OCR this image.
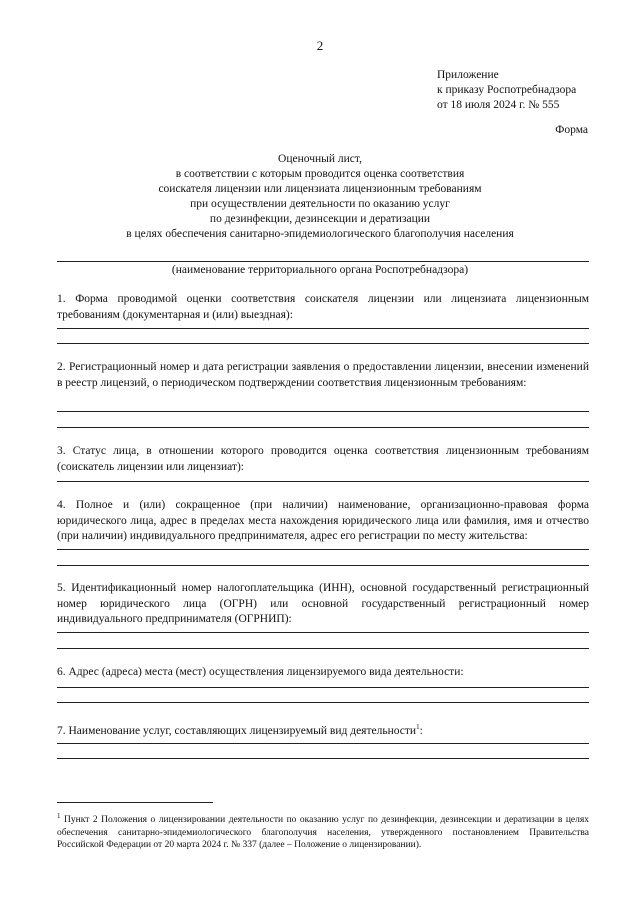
2
Приложение
к приказу Роспотребнадзора
от 18 июля 2024 г. № 555
Форма
Оценочный лист,
в соответствии с которым проводится оценка соответствия
соискателя лицензии или лицензиата лицензионным требованиям
при осуществлении деятельности по оказанию услуг
по дезинфекции, дезинсекции и дератизации
в целях обеспечения санитарно-эпидемиологического благополучия населения
(наименование территориального органа Роспотребнадзора)
1. Форма проводимой оценки соответствия соискателя лицензии или лицензиата лицензионным требованиям (документарная и (или) выездная):
2. Регистрационный номер и дата регистрации заявления о предоставлении лицензии, внесении изменений в реестр лицензий, о периодическом подтверждении соответствия лицензионным требованиям:
3. Статус лица, в отношении которого проводится оценка соответствия лицензионным требованиям (соискатель лицензии или лицензиат):
4. Полное и (или) сокращенное (при наличии) наименование, организационно-правовая форма юридического лица, адрес в пределах места нахождения юридического лица или фамилия, имя и отчество (при наличии) индивидуального предпринимателя, адрес его регистрации по месту жительства:
5. Идентификационный номер налогоплательщика (ИНН), основной государственный регистрационный номер юридического лица (ОГРН) или основной государственный регистрационный номер индивидуального предпринимателя (ОГРНИП):
6. Адрес (адреса) места (мест) осуществления лицензируемого вида деятельности:
7. Наименование услуг, составляющих лицензируемый вид деятельности$^1$:
$^1$ Пункт 2 Положения о лицензировании деятельности по оказанию услуг по дезинфекции, дезинсекции и дератизации в целях обеспечения санитарно-эпидемиологического благополучия населения, утвержденного постановлением Правительства Российской Федерации от 20 марта 2024 г. № 337 (далее – Положение о лицензировании).
